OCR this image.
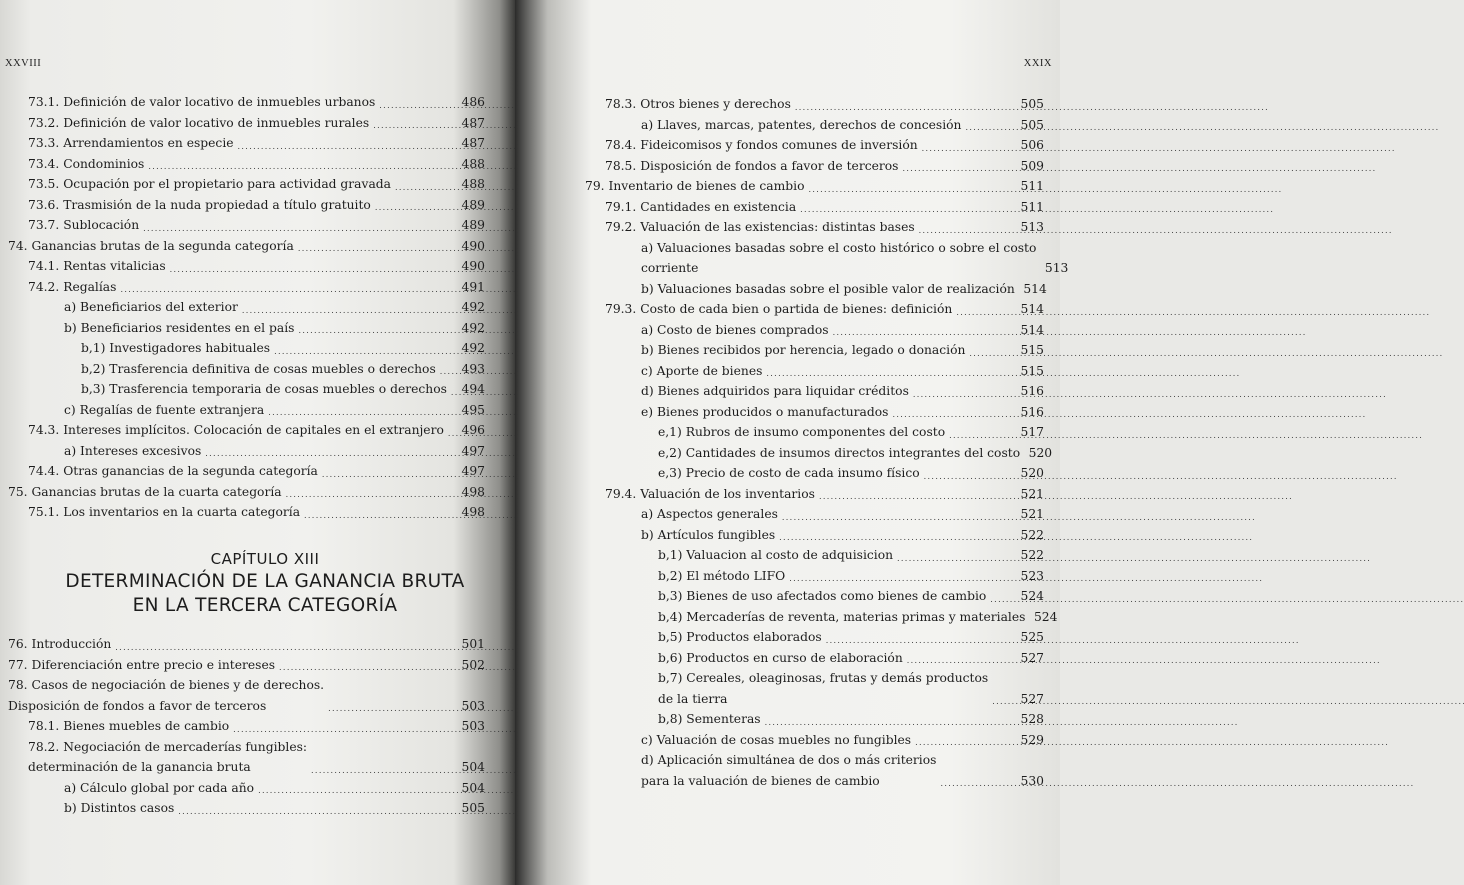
XXVIII
73.1. Definición de valor locativo de inmuebles urbanos . . .	486
73.2. Definición de valor locativo de inmuebles rurales . . .	487
73.3. Arrendamientos en especie . . .	487
73.4. Condominios . . .	488
73.5. Ocupación por el propietario para actividad gravada . . .	488
73.6. Trasmisión de la nuda propiedad a título gratuito . . .	489
73.7. Sublocación . . .	489
74. Ganancias brutas de la segunda categoría . . .	490
74.1. Rentas vitalicias . . .	490
74.2. Regalías . . .	491
a) Beneficiarios del exterior . . .	492
b) Beneficiarios residentes en el país . . .	492
b,1) Investigadores habituales . . .	492
b,2) Trasferencia definitiva de cosas muebles o derechos . . . 493
b,3) Trasferencia temporaria de cosas muebles o derechos . . . 494
c) Regalías de fuente extranjera . . .	495
74.3. Intereses implícitos. Colocación de capitales en el extranjero . . . 496
a) Intereses excesivos . . .	497
74.4. Otras ganancias de la segunda categoría . . .	497
75. Ganancias brutas de la cuarta categoría . . .	498
75.1. Los inventarios en la cuarta categoría . . .	498
CAPÍTULO XIII
DETERMINACIÓN DE LA GANANCIA BRUTA
EN LA TERCERA CATEGORÍA
76. Introducción . . .	501
77. Diferenciación entre precio e intereses . . .	502
78. Casos de negociación de bienes y de derechos.
Disposición de fondos a favor de terceros . . .	503
78.1. Bienes muebles de cambio . . .	503
78.2. Negociación de mercaderías fungibles:
determinación de la ganancia bruta . . .	504
a) Cálculo global por cada año . . .	504
b) Distintos casos . . .	505
XXIX
78.3. Otros bienes y derechos . . .	505
a) Llaves, marcas, patentes, derechos de concesión . . .	505
78.4. Fideicomisos y fondos comunes de inversión . . .	506
78.5. Disposición de fondos a favor de terceros . . .	509
79. Inventario de bienes de cambio . . .	511
79.1. Cantidades en existencia . . .	511
79.2. Valuación de las existencias: distintas bases . . .	513
a) Valuaciones basadas sobre el costo histórico o sobre el costo
corriente	513
b) Valuaciones basadas sobre el posible valor de realización 514
79.3. Costo de cada bien o partida de bienes: definición . . .	514
a) Costo de bienes comprados . . .	514
b) Bienes recibidos por herencia, legado o donación . . .	515
c) Aporte de bienes . . .	515
d) Bienes adquiridos para liquidar créditos . . .	516
e) Bienes producidos o manufacturados . . .	516
e,1) Rubros de insumo componentes del costo . . .	517
e,2) Cantidades de insumos directos integrantes del costo 520
e,3) Precio de costo de cada insumo físico . . .	520
79.4. Valuación de los inventarios . . .	521
a) Aspectos generales . . .	521
b) Artículos fungibles . . .	522
b,1) Valuacion al costo de adquisicion . . .	522
b,2) El método LIFO . . .	523
b,3) Bienes de uso afectados como bienes de cambio . . .	524
b,4) Mercaderías de reventa, materias primas y materiales 524
b,5) Productos elaborados . . .	525
b,6) Productos en curso de elaboración . . .	527
b,7) Cereales, oleaginosas, frutas y demás productos
de la tierra . . .	527
b,8) Sementeras . . .	528
c) Valuación de cosas muebles no fungibles . . .	529
d) Aplicación simultánea de dos o más criterios
para la valuación de bienes de cambio . . .	530
